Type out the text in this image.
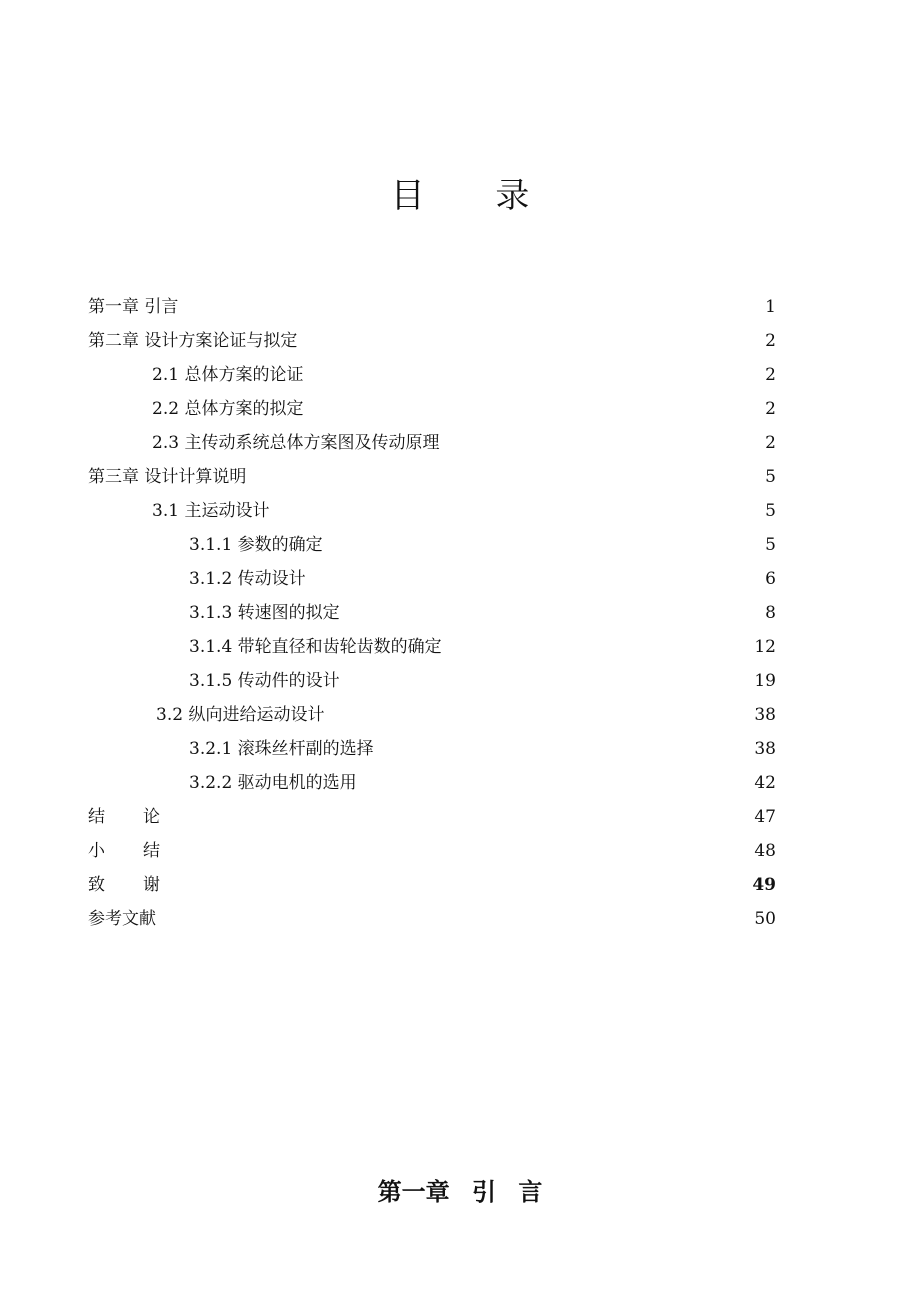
目 录
第一章 引言	1
第二章 设计方案论证与拟定	2
2.1 总体方案的论证	2
2.2 总体方案的拟定	2
2.3 主传动系统总体方案图及传动原理	2
第三章 设计计算说明	5
3.1 主运动设计	5
3.1.1 参数的确定	5
3.1.2 传动设计	6
3.1.3 转速图的拟定	8
3.1.4 带轮直径和齿轮齿数的确定	12
3.1.5 传动件的设计	19
3.2 纵向进给运动设计	38
3.2.1 滚珠丝杆副的选择	38
3.2.2 驱动电机的选用	42
结论	47
小结	48
致谢	49
参考文献	50
第一章 引 言
